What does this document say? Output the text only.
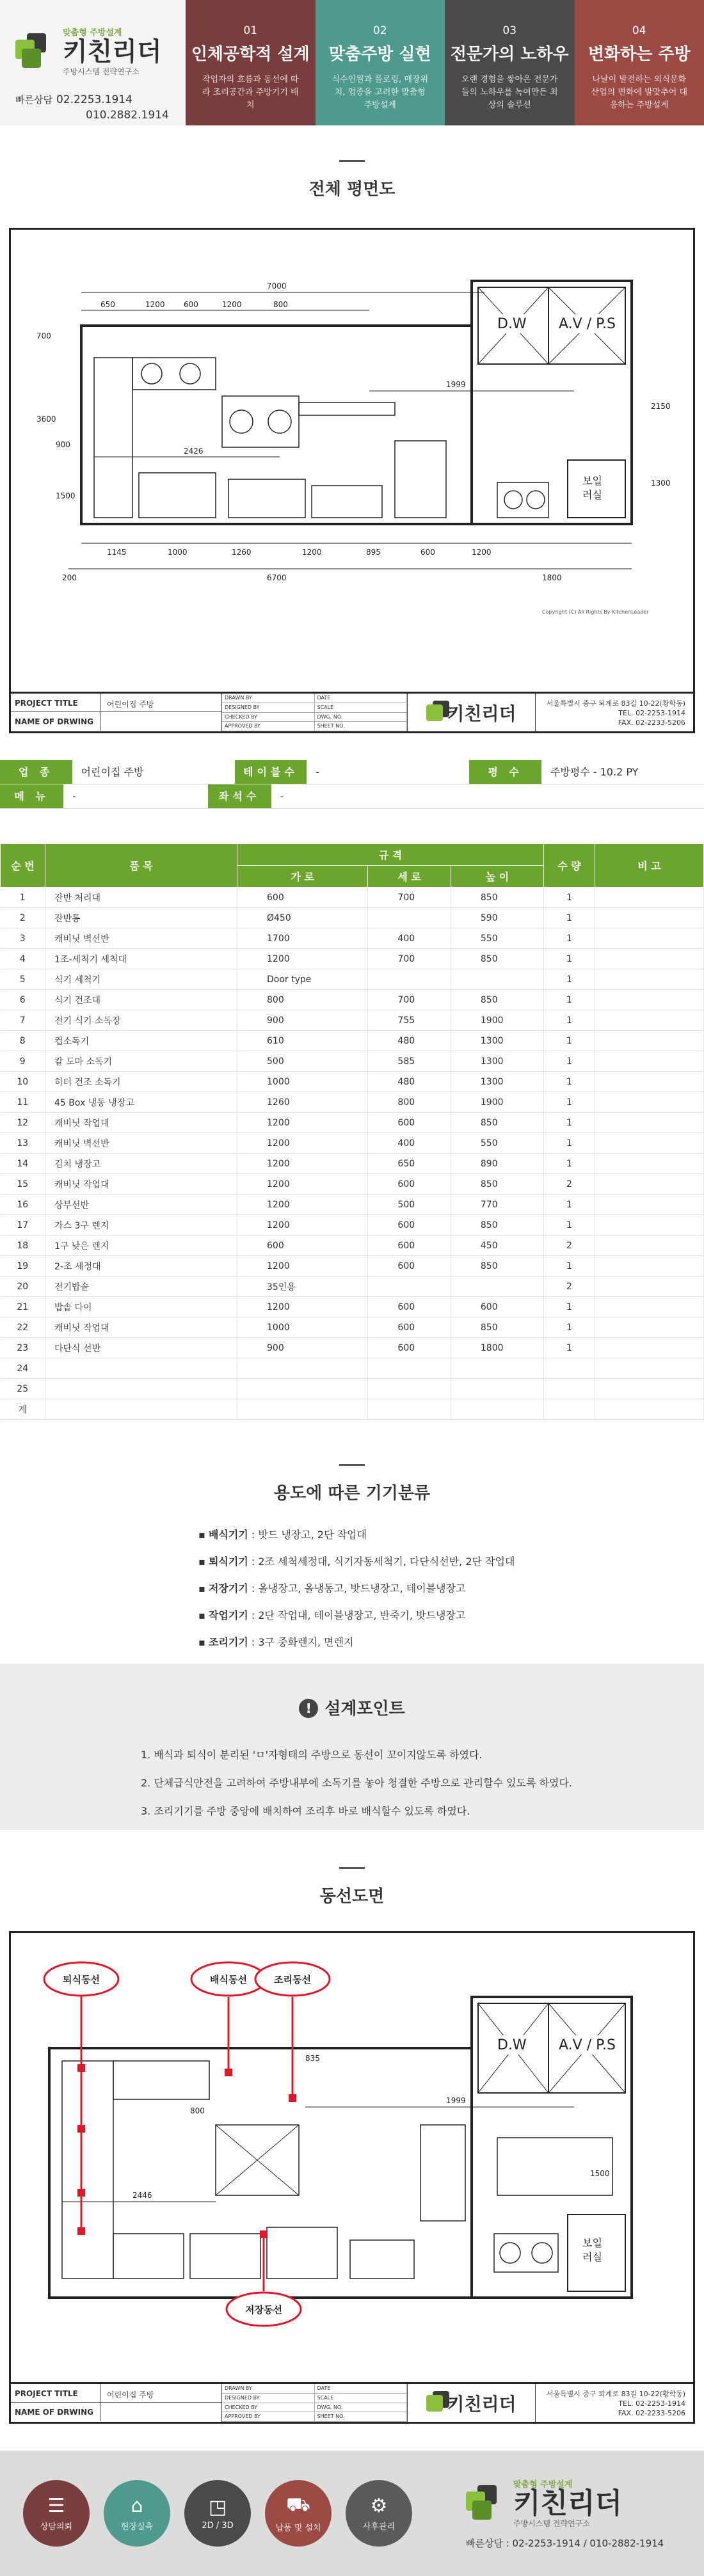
맞춤형 주방설계
키친리더
주방시스템 전략연구소
빠른상담 02.2253.1914
010.2882.1914
01
인체공학적 설계
작업자의 흐름과 동선에 따라 조리공간과 주방기기 배치
02
맞춤주방 실현
식수인원과 플로링, 매장위치, 업종을 고려한 맞춤형 주방설계
03
전문가의 노하우
오랜 경험을 쌓아온 전문가들의 노하우를 녹여만든 최상의 솔루션
04
변화하는 주방
나날이 발전하는 외식문화 산업의 변화에 발맞추어 대응하는 주방설계
전체 평면도
7000
650	1200 600	1200	800
D.W A.V / P.S
1999
보일
러실
2426
700
3600
900
1500
2150
1300
1145	1000	1260	1200	895	600	1200
200	6700	1800
Copyright (C) All Rights By KitchenLeader
PROJECT TITLE	어린이집 주방
NAME OF DRWING
DRAWN BY	DATE
DESIGNED BY	SCALE
CHECKED BY	DWG. NO.
APPROVED BY	SHEET NO.
키친리더	서울특별시 중구 퇴계로 83길 10-22(황학동)
TEL. 02-2253-1914
FAX. 02-2233-5206
업 종	어린이집 주방	테이블수	-	평 수	주방평수 - 10.2 PY
메 뉴	-	좌석수	-
순 번	품 목	규 격			수 량	비 고
		가 로	세 로	높 이		
1	잔반 처리대	600	700	850	1	
2	잔반통	Ø450		590	1	
3	캐비닛 벽선반	1700	400	550	1	
4	1조-세척기 세척대	1200	700	850	1	
5	식기 세척기	Door type			1	
6	식기 건조대	800	700	850	1	
7	전기 식기 소독장	900	755	1900	1	
8	컵소독기	610	480	1300	1	
9	칼 도마 소독기	500	585	1300	1	
10	히터 건조 소독기	1000	480	1300	1	
11	45 Box 냉동 냉장고	1260	800	1900	1	
12	캐비닛 작업대	1200	600	850	1	
13	캐비닛 벽선반	1200	400	550	1	
14	김치 냉장고	1200	650	890	1	
15	캐비닛 작업대	1200	600	850	2	
16	상부선반	1200	500	770	1	
17	가스 3구 렌지	1200	600	850	1	
18	1구 낮은 렌지	600	600	450	2	
19	2-조 세정대	1200	600	850	1	
20	전기밥솥	35인용			2	
21	밥솥 다이	1200	600	600	1	
22	캐비닛 작업대	1000	600	850	1	
23	다단식 선반	900	600	1800	1	
24						
25						
계						
용도에 따른 기기분류
▪ 배식기기 : 밧드 냉장고, 2단 작업대
▪ 퇴식기기 : 2조 세척세정대, 식기자동세척기, 다단식선반, 2단 작업대
▪ 저장기기 : 올냉장고, 올냉동고, 밧드냉장고, 테이블냉장고
▪ 작업기기 : 2단 작업대, 테이블냉장고, 반죽기, 밧드냉장고
▪ 조리기기 : 3구 중화렌지, 면렌지
! 설계포인트
1. 배식과 퇴식이 분리된 'ㅁ'자형태의 주방으로 동선이 꼬이지않도록 하였다.
2. 단체급식안전을 고려하여 주방내부에 소독기를 놓아 청결한 주방으로 관리할수 있도록 하였다.
3. 조리기기를 주방 중앙에 배치하여 조리후 바로 배식할수 있도록 하였다.
동선도면
D.W A.V / P.S
보일
러실
2446
1999
800
835
1500
퇴식동선	배식동선	조리동선
저장동선
PROJECT TITLE	어린이집 주방
NAME OF DRWING
DRAWN BY	DATE
DESIGNED BY	SCALE
CHECKED BY	DWG. NO.
APPROVED BY	SHEET NO.
키친리더	서울특별시 중구 퇴계로 83길 10-22(황학동)
TEL. 02-2253-1914
FAX. 02-2233-5206
☰
상담의뢰
⌂
현장실측
◳
2D / 3D
⛟
납품 및 설치
⚙
사후관리
맞춤형 주방설계
키친리더
주방시스템 전략연구소
빠른상담 : 02-2253-1914 / 010-2882-1914
